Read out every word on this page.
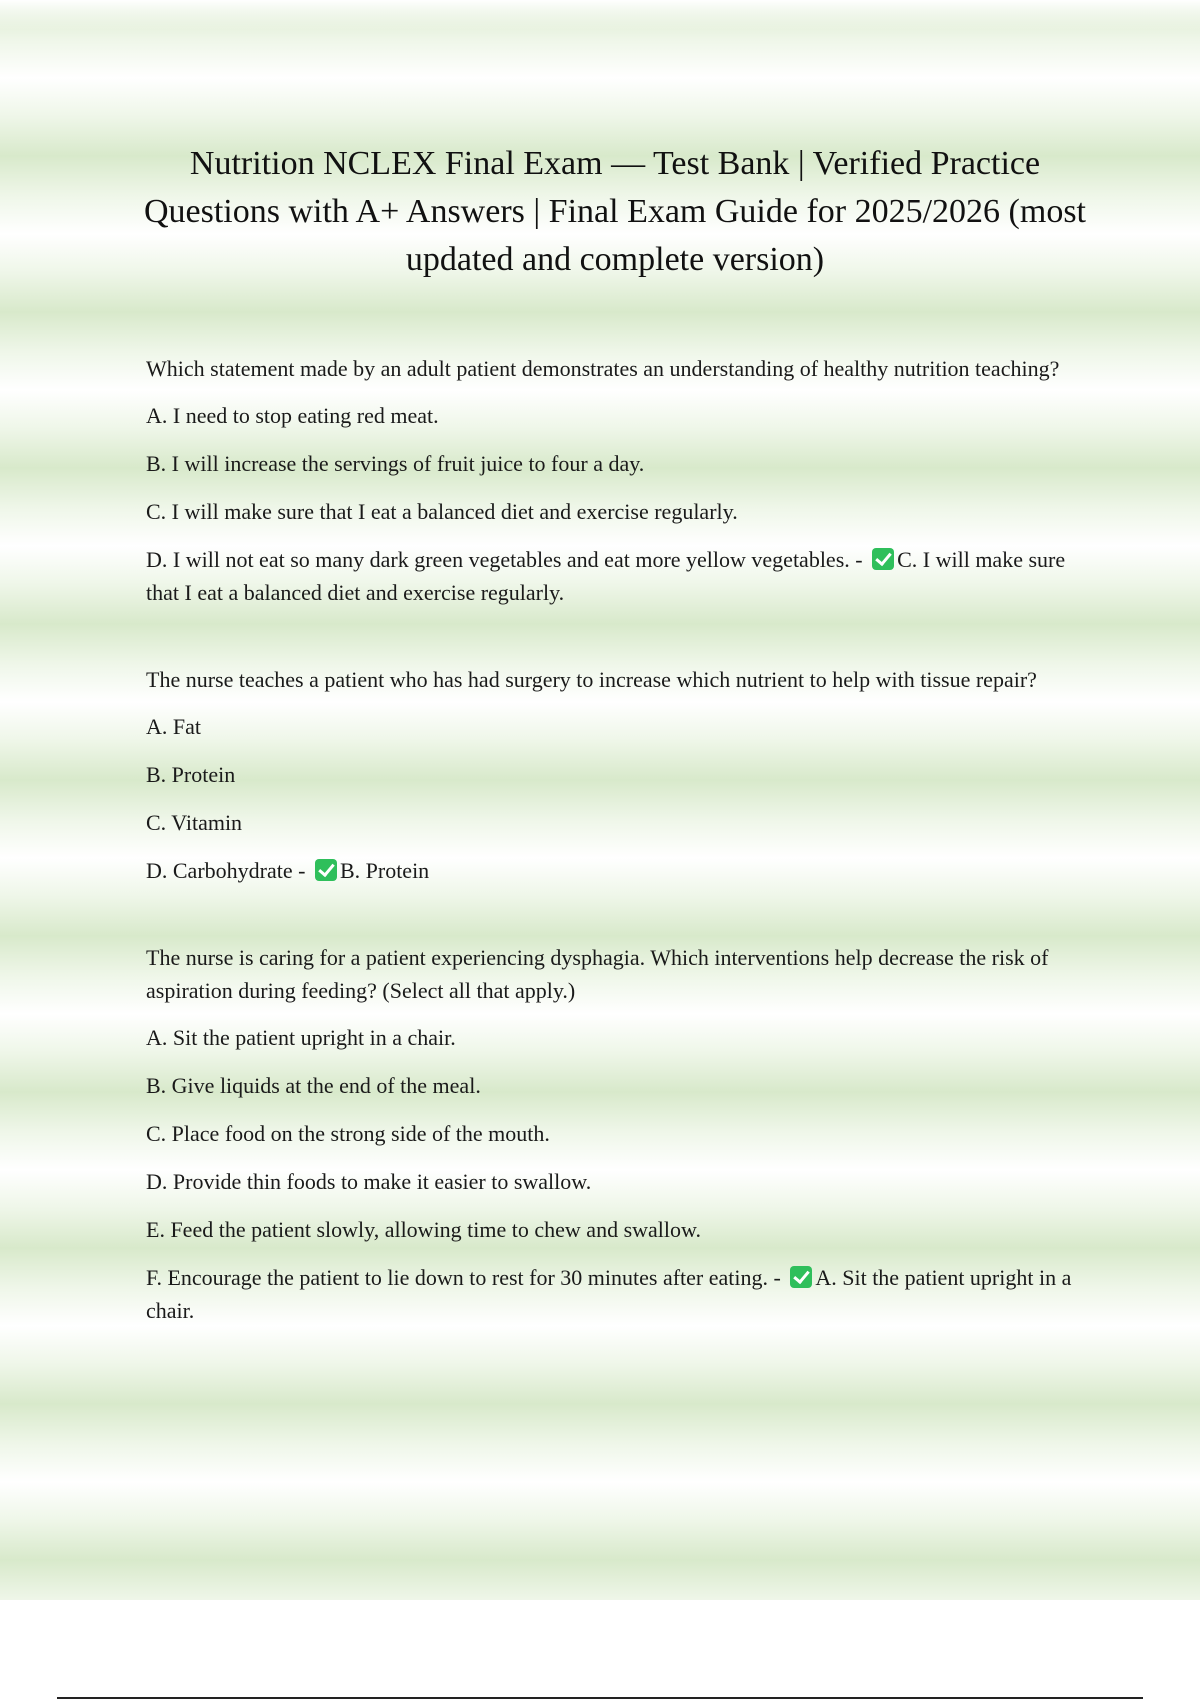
Nutrition NCLEX Final Exam — Test Bank | Verified Practice Questions with A+ Answers | Final Exam Guide for 2025/2026 (most updated and complete version)

Which statement made by an adult patient demonstrates an understanding of healthy nutrition teaching?

A. I need to stop eating red meat.

B. I will increase the servings of fruit juice to four a day.

C. I will make sure that I eat a balanced diet and exercise regularly.

D. I will not eat so many dark green vegetables and eat more yellow vegetables. - C. I will make sure that I eat a balanced diet and exercise regularly.

The nurse teaches a patient who has had surgery to increase which nutrient to help with tissue repair?

A. Fat

B. Protein

C. Vitamin

D. Carbohydrate - B. Protein

The nurse is caring for a patient experiencing dysphagia. Which interventions help decrease the risk of aspiration during feeding? (Select all that apply.)

A. Sit the patient upright in a chair.

B. Give liquids at the end of the meal.

C. Place food on the strong side of the mouth.

D. Provide thin foods to make it easier to swallow.

E. Feed the patient slowly, allowing time to chew and swallow.

F. Encourage the patient to lie down to rest for 30 minutes after eating. - A. Sit the patient upright in a chair.
